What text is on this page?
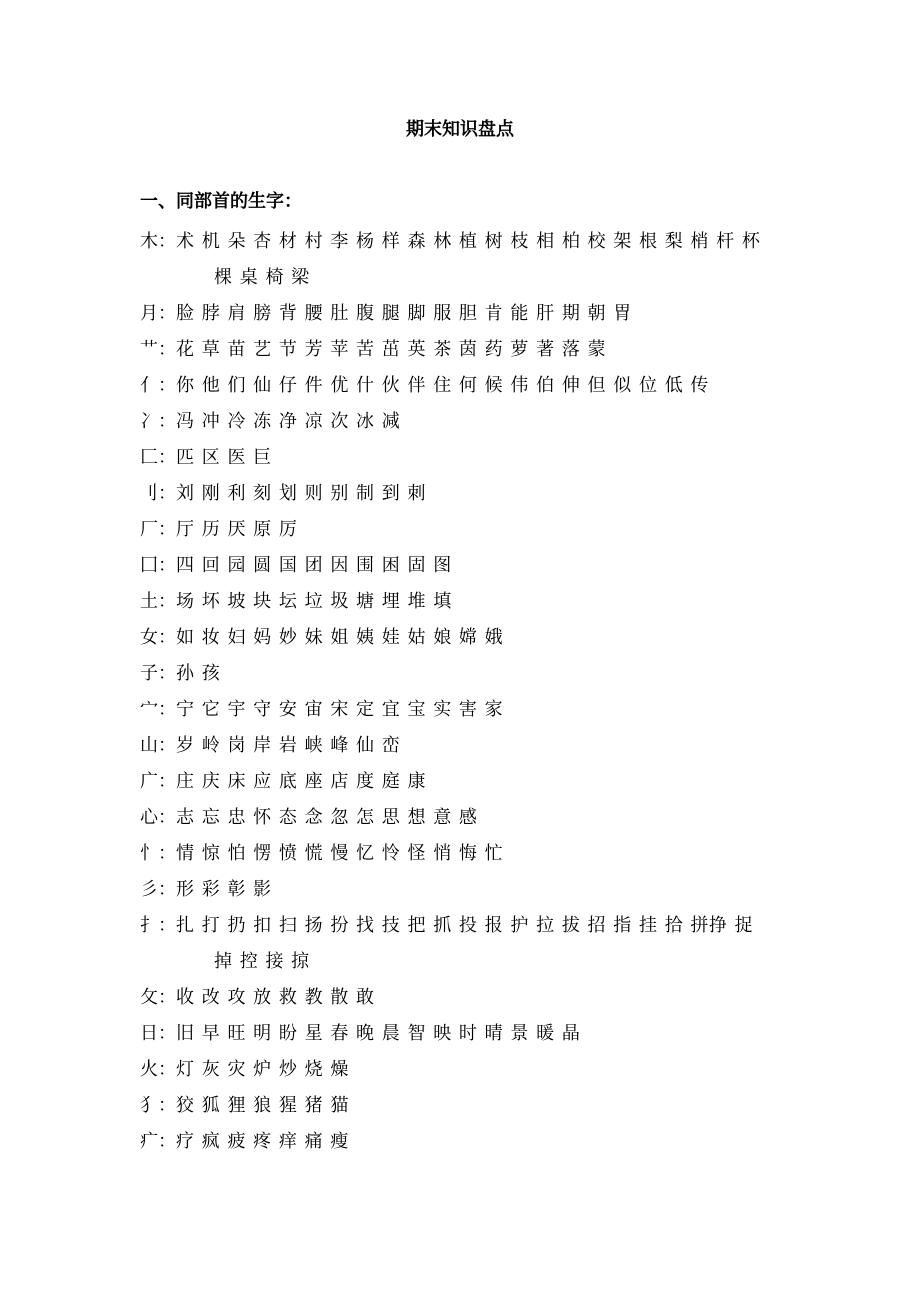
期末知识盘点
一、同部首的生字：
木：术 机 朵 杏 材 村 李 杨 样 森 林 植 树 枝 相 柏 校 架 根 梨 梢 杆 杯
棵 桌 椅 梁
月：脸 脖 肩 膀 背 腰 肚 腹 腿 脚 服 胆 肯 能 肝 期 朝 胃
艹：花 草 苗 艺 节 芳 苹 苦 茁 英 茶 茵 药 萝 著 落 蒙
亻：你 他 们 仙 仔 件 优 什 伙 伴 住 何 候 伟 伯 伸 但 似 位 低 传
冫：冯 冲 冷 冻 净 凉 次 冰 减
匚：匹 区 医 巨
刂：刘 刚 利 刻 划 则 别 制 到 刺
厂：厅 历 厌 原 厉
囗：四 回 园 圆 国 团 因 围 困 固 图
土：场 坏 坡 块 坛 垃 圾 塘 埋 堆 填
女：如 妆 妇 妈 妙 妹 姐 姨 娃 姑 娘 嫦 娥
子：孙 孩
宀：宁 它 宇 守 安 宙 宋 定 宜 宝 实 害 家
山：岁 岭 岗 岸 岩 峡 峰 仙 峦
广：庄 庆 床 应 底 座 店 度 庭 康
心：志 忘 忠 怀 态 念 忽 怎 思 想 意 感
忄：情 惊 怕 愣 愤 慌 慢 忆 怜 怪 悄 悔 忙
彡：形 彩 彰 影
扌：扎 打 扔 扣 扫 扬 扮 找 技 把 抓 投 报 护 拉 拔 招 指 挂 拾 拼挣 捉
掉 控 接 掠
攵：收 改 攻 放 救 教 散 敢
日：旧 早 旺 明 盼 星 春 晚 晨 智 映 时 晴 景 暖 晶
火：灯 灰 灾 炉 炒 烧 燥
犭：狡 狐 狸 狼 猩 猪 猫
疒：疗 疯 疲 疼 痒 痛 瘦
